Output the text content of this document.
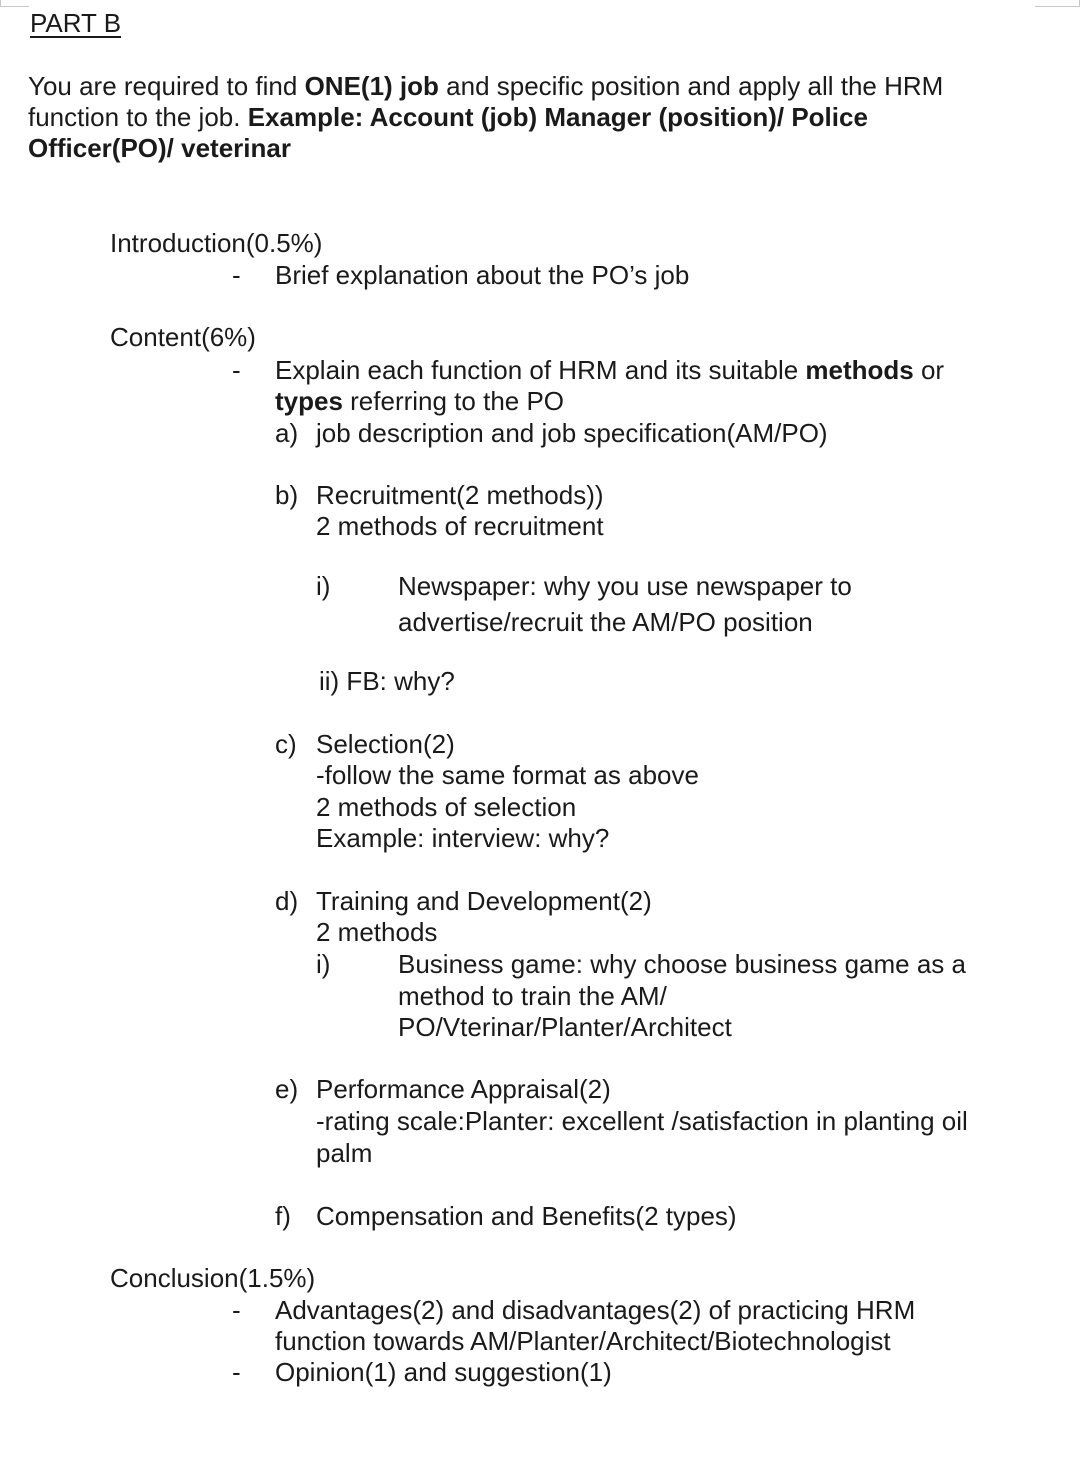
PART B
You are required to find ONE(1) job and specific position and apply all the HRM
function to the job. Example: Account (job) Manager (position)/ Police
Officer(PO)/ veterinar
Introduction(0.5%)
- Brief explanation about the PO’s job
Content(6%)
- Explain each function of HRM and its suitable methods or
types referring to the PO
a) job description and job specification(AM/PO)
b) Recruitment(2 methods))
2 methods of recruitment
i)	Newspaper: why you use newspaper to
advertise/recruit the AM/PO position
ii) FB: why?
c) Selection(2)
-follow the same format as above
2 methods of selection
Example: interview: why?
d) Training and Development(2)
2 methods
i)	Business game: why choose business game as a
method to train the AM/
PO/Vterinar/Planter/Architect
e) Performance Appraisal(2)
-rating scale:Planter: excellent /satisfaction in planting oil
palm
f) Compensation and Benefits(2 types)
Conclusion(1.5%)
- Advantages(2) and disadvantages(2) of practicing HRM
function towards AM/Planter/Architect/Biotechnologist
- Opinion(1) and suggestion(1)
